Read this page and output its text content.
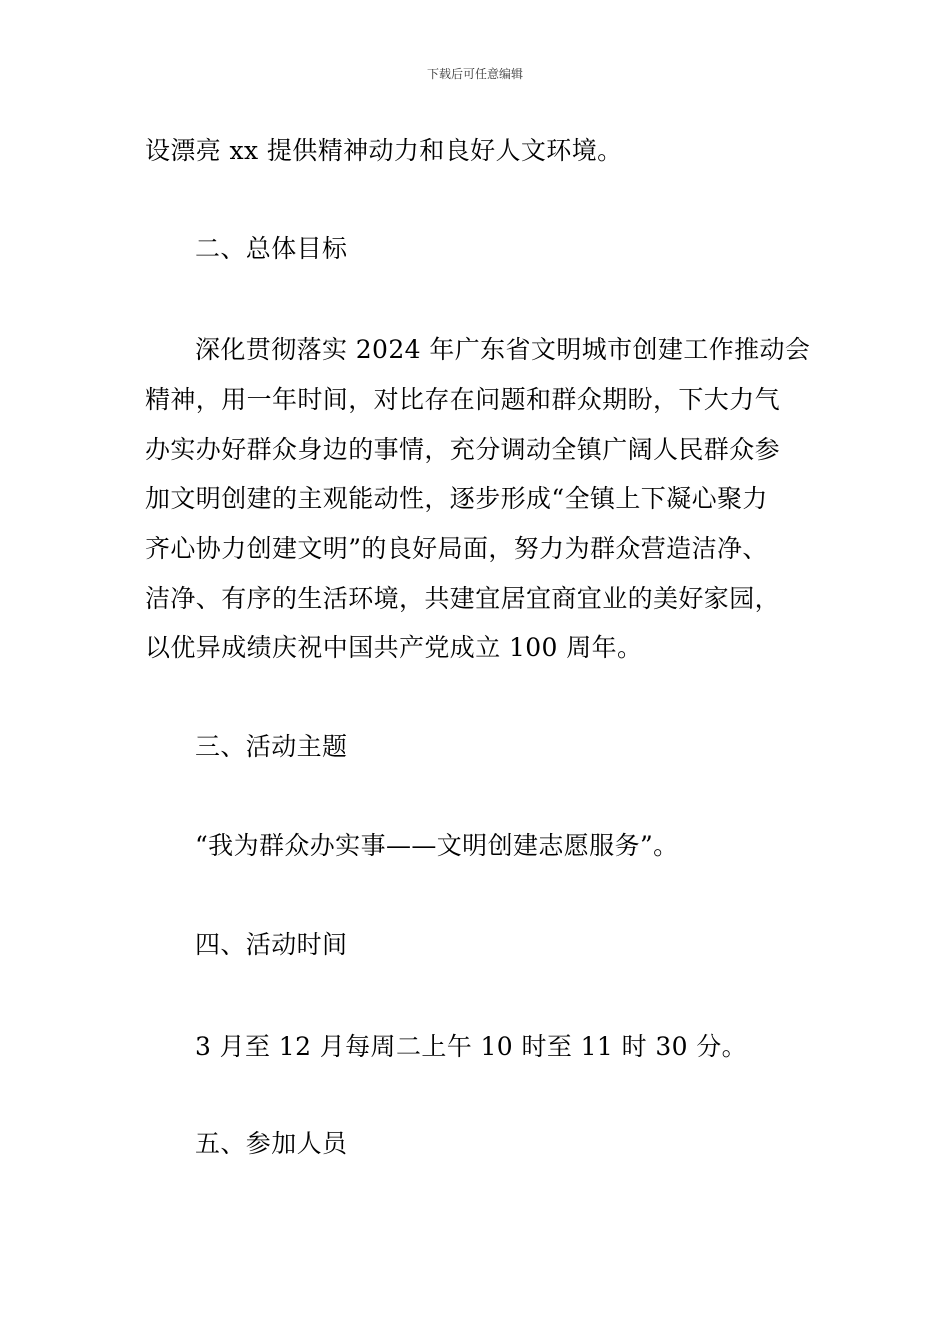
下载后可任意编辑
设漂亮 xx 提供精神动力和良好人文环境。
二、总体目标
深化贯彻落实 2024 年广东省文明城市创建工作推动会
精神，用一年时间，对比存在问题和群众期盼，下大力气
办实办好群众身边的事情，充分调动全镇广阔人民群众参
加文明创建的主观能动性，逐步形成“全镇上下凝心聚力
齐心协力创建文明”的良好局面，努力为群众营造洁净、
洁净、有序的生活环境，共建宜居宜商宜业的美好家园，
以优异成绩庆祝中国共产党成立 100 周年。
三、活动主题
“我为群众办实事——文明创建志愿服务”。
四、活动时间
3 月至 12 月每周二上午 10 时至 11 时 30 分。
五、参加人员
